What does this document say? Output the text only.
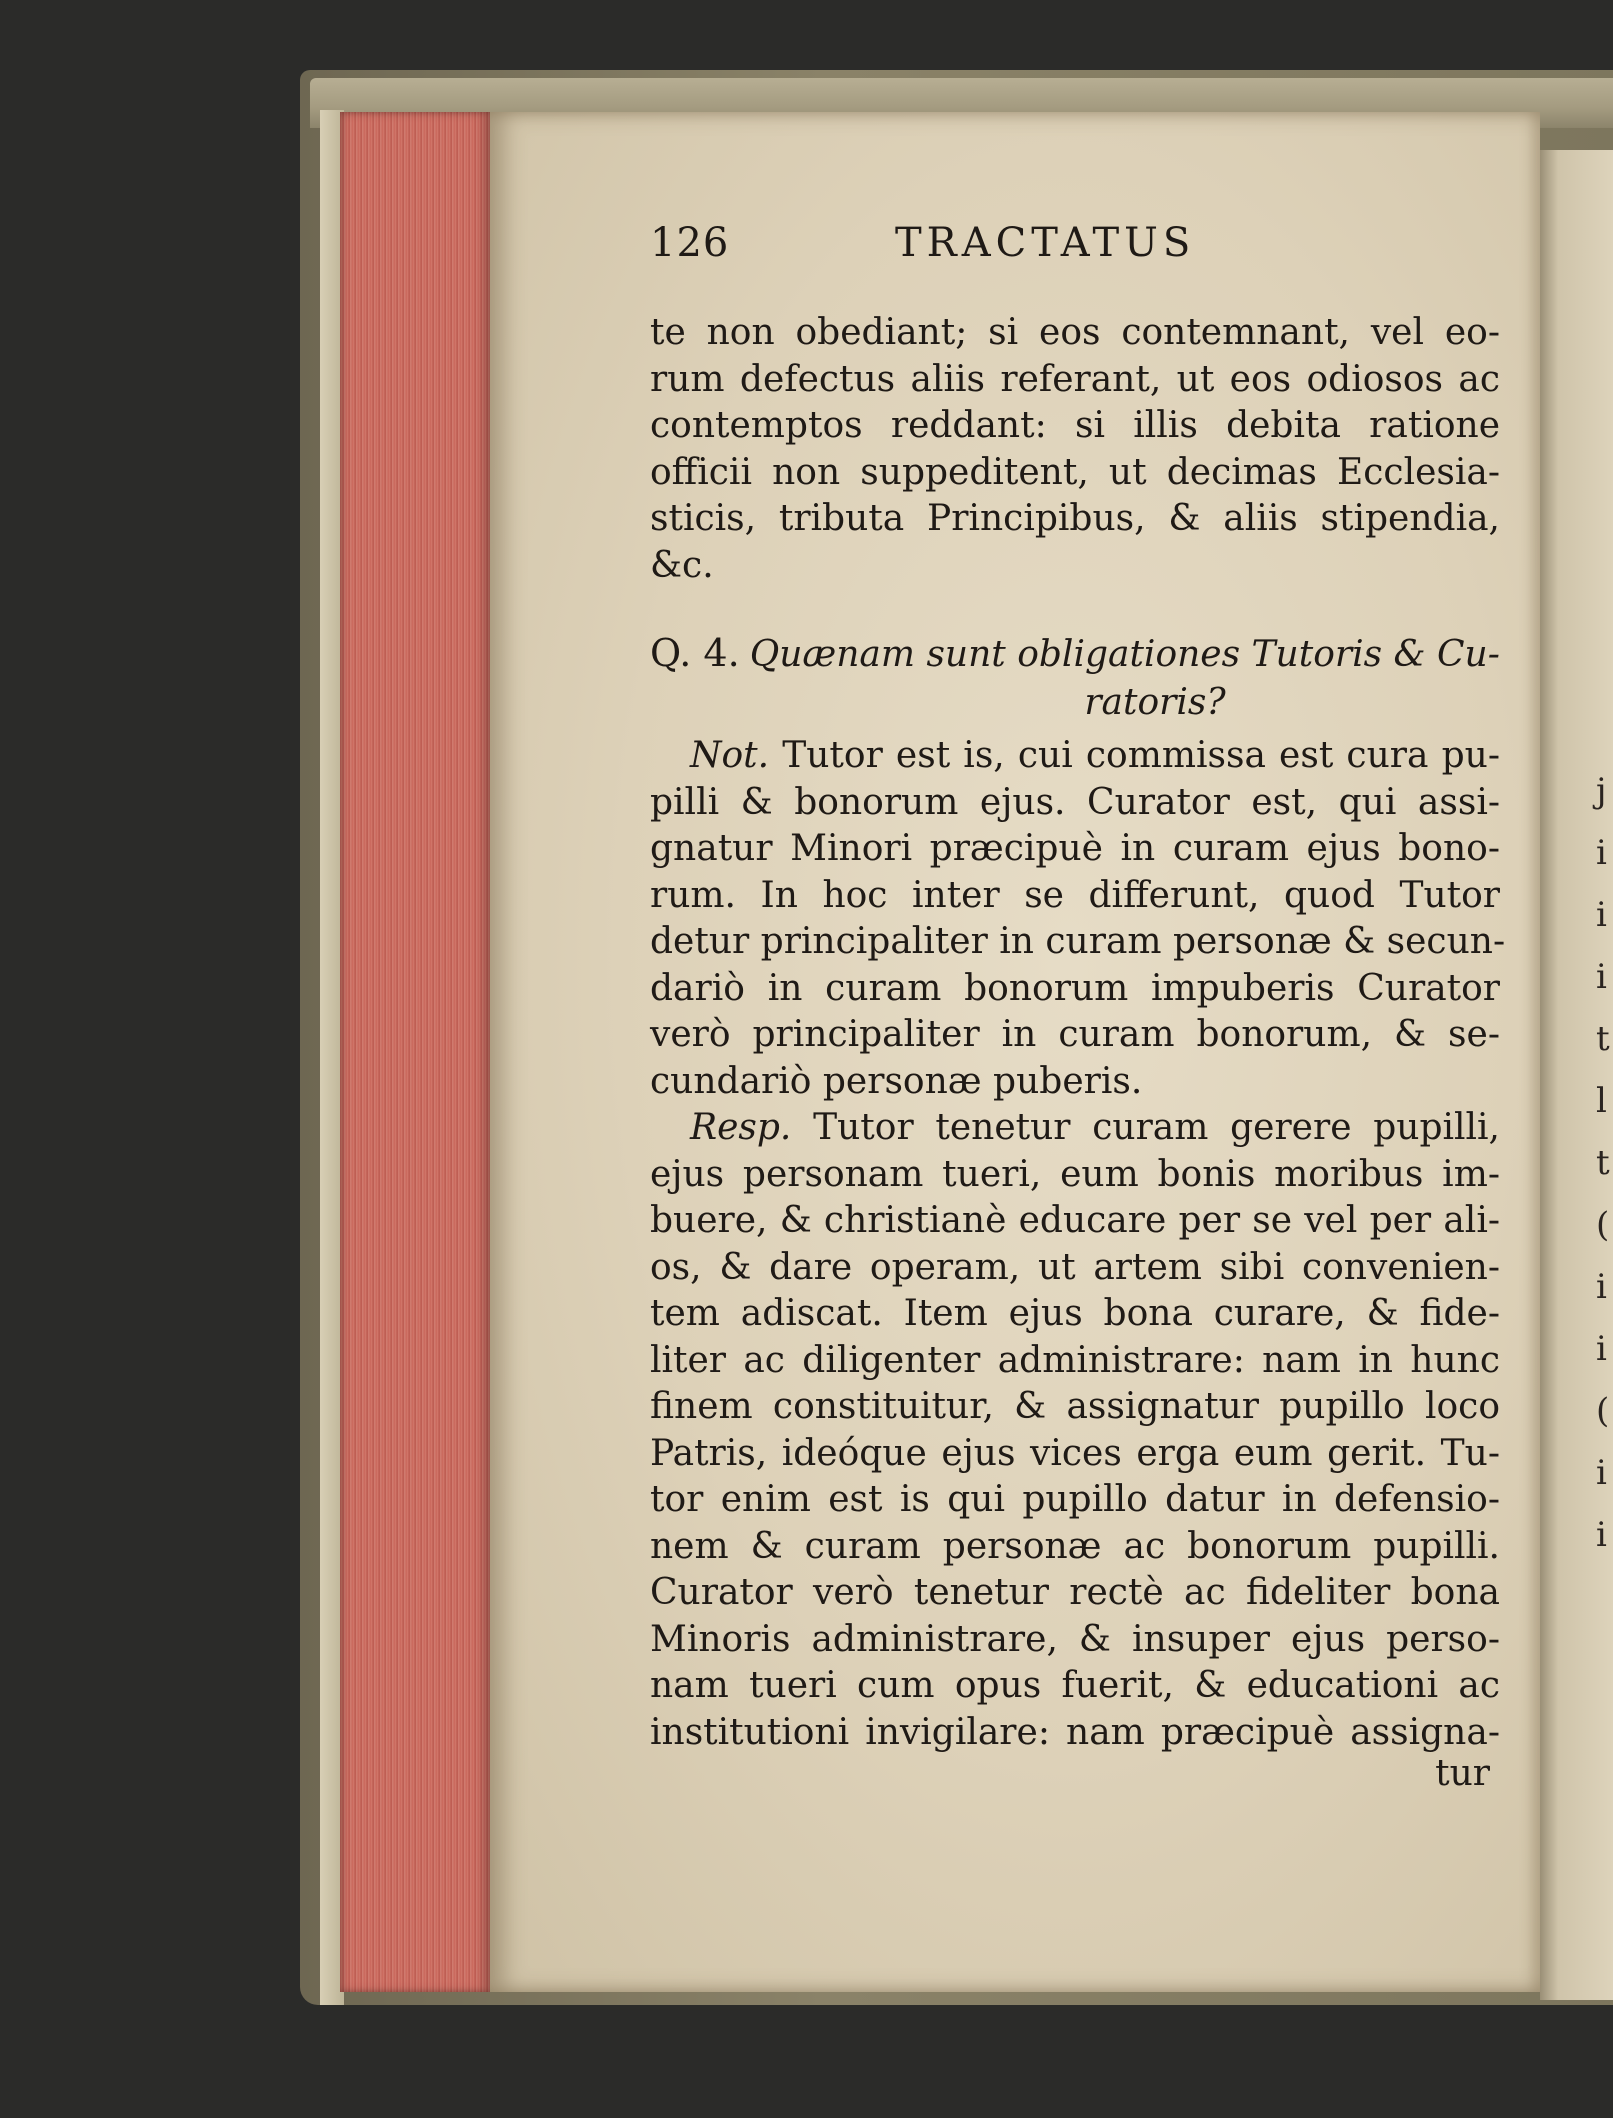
j
i
i
i
t
l
t
(
i
i
(
i
i
126	TRACTATUS
te non obediant; si eos contemnant, vel eo-
rum defectus aliis referant, ut eos odiosos ac
contemptos reddant: si illis debita ratione
officii non suppeditent, ut decimas Ecclesia-
sticis, tributa Principibus, & aliis stipendia,
&c.
Q. 4. Quænam sunt obligationes Tutoris & Cu-
ratoris?
Not. Tutor est is, cui commissa est cura pu-
pilli & bonorum ejus. Curator est, qui assi-
gnatur Minori præcipuè in curam ejus bono-
rum. In hoc inter se differunt, quod Tutor
detur principaliter in curam personæ & secun-
dariò in curam bonorum impuberis Curator
verò principaliter in curam bonorum, & se-
cundariò personæ puberis.
Resp. Tutor tenetur curam gerere pupilli,
ejus personam tueri, eum bonis moribus im-
buere, & christianè educare per se vel per ali-
os, & dare operam, ut artem sibi convenien-
tem adiscat. Item ejus bona curare, & fide-
liter ac diligenter administrare: nam in hunc
finem constituitur, & assignatur pupillo loco
Patris, ideóque ejus vices erga eum gerit. Tu-
tor enim est is qui pupillo datur in defensio-
nem & curam personæ ac bonorum pupilli.
Curator verò tenetur rectè ac fideliter bona
Minoris administrare, & insuper ejus perso-
nam tueri cum opus fuerit, & educationi ac
institutioni invigilare: nam præcipuè assigna-
tur
